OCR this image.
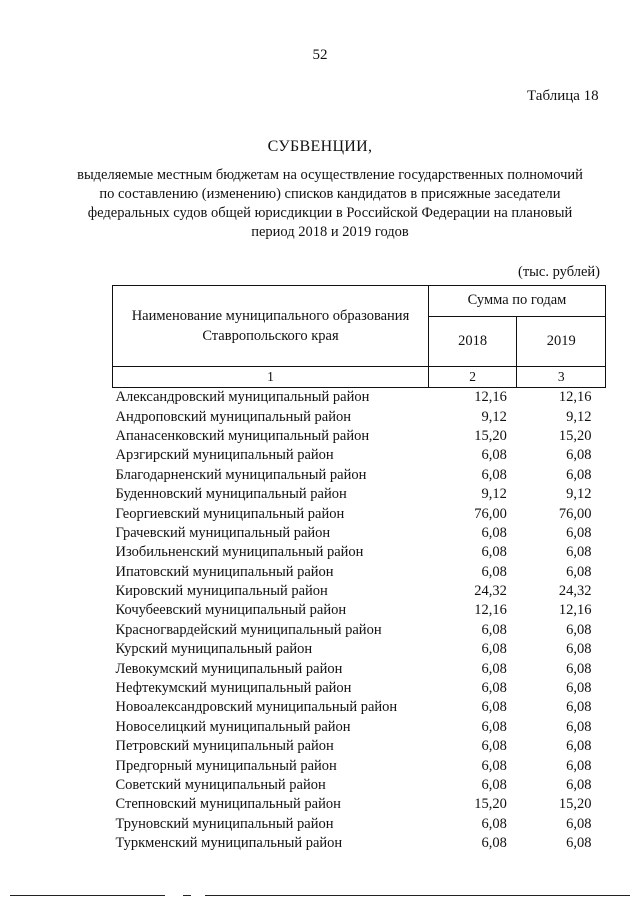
52
Таблица 18
СУБВЕНЦИИ,
выделяемые местным бюджетам на осуществление государственных полномочий по составлению (изменению) списков кандидатов в присяжные заседатели федеральных судов общей юрисдикции в Российской Федерации на плановый период 2018 и 2019 годов
(тыс. рублей)
Наименование муниципального образования Ставропольского края	Сумма по годам	
	2018	2019
1	2	3
Александровский муниципальный район	12,16	12,16
Андроповский муниципальный район	9,12	9,12
Апанасенковский муниципальный район	15,20	15,20
Арзгирский муниципальный район	6,08	6,08
Благодарненский муниципальный район	6,08	6,08
Буденновский муниципальный район	9,12	9,12
Георгиевский муниципальный район	76,00	76,00
Грачевский муниципальный район	6,08	6,08
Изобильненский муниципальный район	6,08	6,08
Ипатовский муниципальный район	6,08	6,08
Кировский муниципальный район	24,32	24,32
Кочубеевский муниципальный район	12,16	12,16
Красногвардейский муниципальный район	6,08	6,08
Курский муниципальный район	6,08	6,08
Левокумский муниципальный район	6,08	6,08
Нефтекумский муниципальный район	6,08	6,08
Новоалександровский муниципальный район	6,08	6,08
Новоселицкий муниципальный район	6,08	6,08
Петровский муниципальный район	6,08	6,08
Предгорный муниципальный район	6,08	6,08
Советский муниципальный район	6,08	6,08
Степновский муниципальный район	15,20	15,20
Труновский муниципальный район	6,08	6,08
Туркменский муниципальный район	6,08	6,08
